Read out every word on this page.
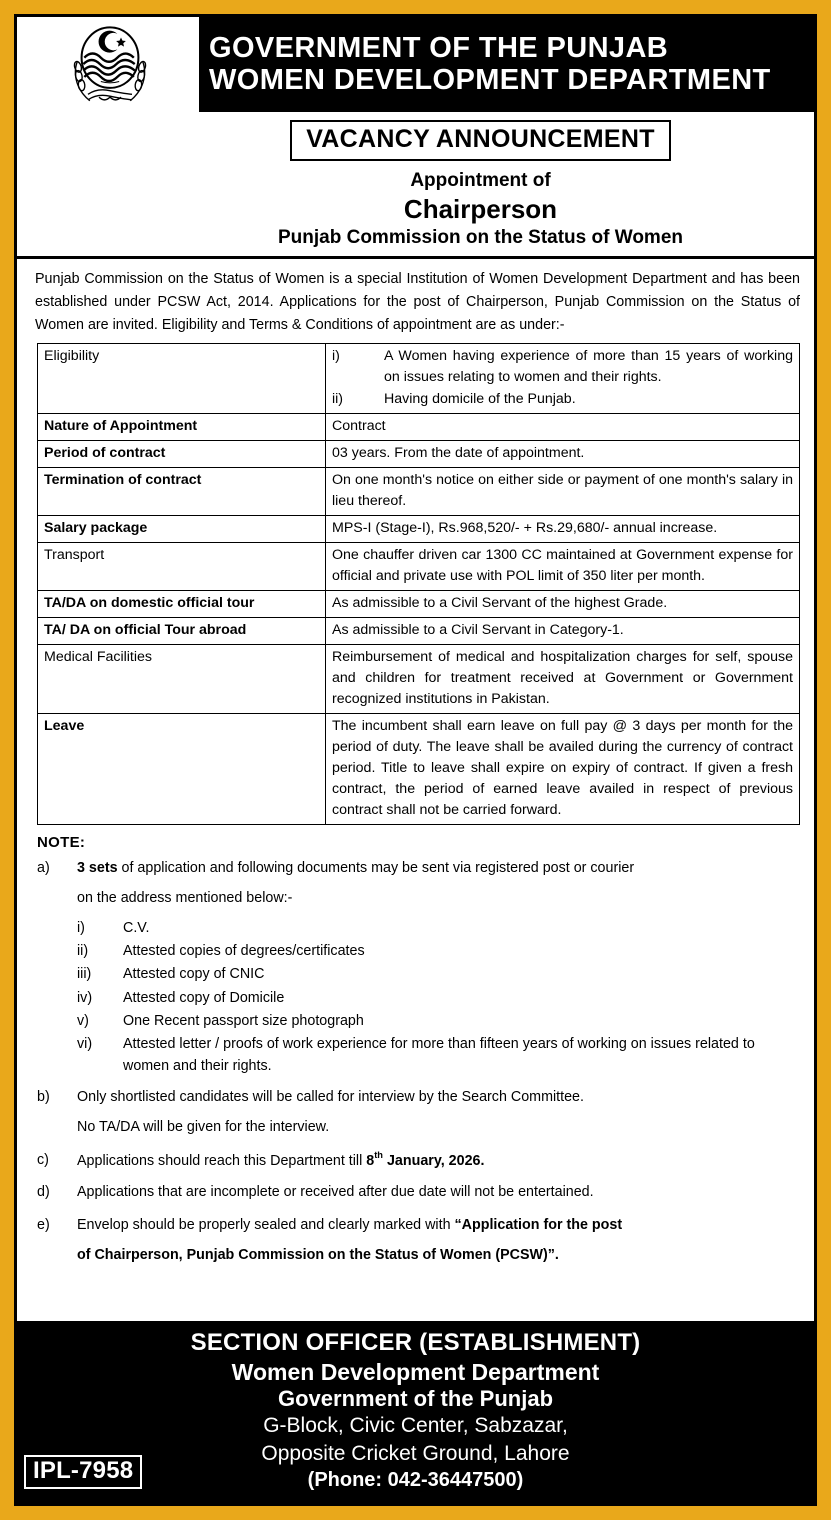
GOVERNMENT OF THE PUNJAB
WOMEN DEVELOPMENT DEPARTMENT
VACANCY ANNOUNCEMENT
Appointment of
Chairperson
Punjab Commission on the Status of Women
Punjab Commission on the Status of Women is a special Institution of Women Development Department and has been established under PCSW Act, 2014. Applications for the post of Chairperson, Punjab Commission on the Status of Women are invited. Eligibility and Terms & Conditions of appointment are as under:-
Eligibility	i) A Women having experience of more than 15 years of working on issues relating to women and their rights.
ii) Having domicile of the Punjab.

Nature of Appointment	Contract
Period of contract	03 years. From the date of appointment.
Termination of contract	On one month's notice on either side or payment of one month's salary in lieu thereof.
Salary package	MPS-I (Stage-I), Rs.968,520/- + Rs.29,680/- annual increase.
Transport	One chauffer driven car 1300 CC maintained at Government expense for official and private use with POL limit of 350 liter per month.
TA/DA on domestic official tour	As admissible to a Civil Servant of the highest Grade.
TA/ DA on official Tour abroad	As admissible to a Civil Servant in Category-1.
Medical Facilities	Reimbursement of medical and hospitalization charges for self, spouse and children for treatment received at Government or Government recognized institutions in Pakistan.
Leave	The incumbent shall earn leave on full pay @ 3 days per month for the period of duty. The leave shall be availed during the currency of contract period. Title to leave shall expire on expiry of contract. If given a fresh contract, the period of earned leave availed in respect of previous contract shall not be carried forward.
NOTE:
a)	3 sets of application and following documents may be sent via registered post or courier
on the address mentioned below:-
i)	C.V.
ii)	Attested copies of degrees/certificates
iii)	Attested copy of CNIC
iv)	Attested copy of Domicile
v)	One Recent passport size photograph
vi)	Attested letter / proofs of work experience for more than fifteen years of working on issues related to women and their rights.
b)	Only shortlisted candidates will be called for interview by the Search Committee.
No TA/DA will be given for the interview.
c)	Applications should reach this Department till 8th January, 2026.
d)	Applications that are incomplete or received after due date will not be entertained.
e)	Envelop should be properly sealed and clearly marked with “Application for the post
of Chairperson, Punjab Commission on the Status of Women (PCSW)”.
SECTION OFFICER (ESTABLISHMENT)
Women Development Department
Government of the Punjab
G-Block, Civic Center, Sabzazar,
Opposite Cricket Ground, Lahore
(Phone: 042-36447500)
IPL-7958
